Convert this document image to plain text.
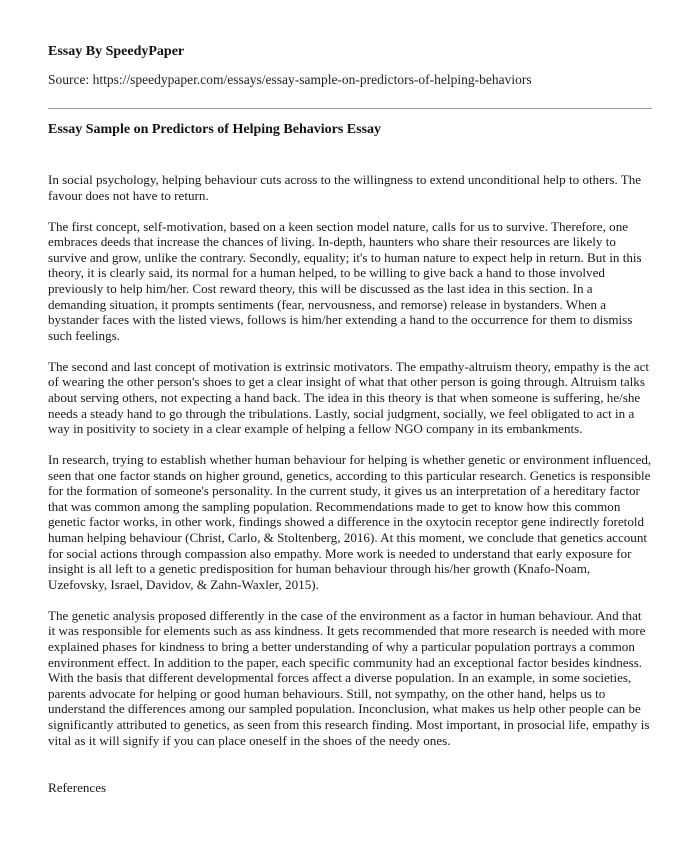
Essay By SpeedyPaper
Source: https://speedypaper.com/essays/essay-sample-on-predictors-of-helping-behaviors
Essay Sample on Predictors of Helping Behaviors Essay

In social psychology, helping behaviour cuts across to the willingness to extend unconditional help to others. The favour does not have to return.

The first concept, self-motivation, based on a keen section model nature, calls for us to survive. Therefore, one embraces deeds that increase the chances of living. In-depth, haunters who share their resources are likely to survive and grow, unlike the contrary. Secondly, equality; it's to human nature to expect help in return. But in this theory, it is clearly said, its normal for a human helped, to be willing to give back a hand to those involved previously to help him/her. Cost reward theory, this will be discussed as the last idea in this section. In a demanding situation, it prompts sentiments (fear, nervousness, and remorse) release in bystanders. When a bystander faces with the listed views, follows is him/her extending a hand to the occurrence for them to dismiss such feelings.

The second and last concept of motivation is extrinsic motivators. The empathy-altruism theory, empathy is the act of wearing the other person's shoes to get a clear insight of what that other person is going through. Altruism talks about serving others, not expecting a hand back. The idea in this theory is that when someone is suffering, he/she needs a steady hand to go through the tribulations. Lastly, social judgment, socially, we feel obligated to act in a way in positivity to society in a clear example of helping a fellow NGO company in its embankments.

In research, trying to establish whether human behaviour for helping is whether genetic or environment influenced, seen that one factor stands on higher ground, genetics, according to this particular research. Genetics is responsible for the formation of someone's personality. In the current study, it gives us an interpretation of a hereditary factor that was common among the sampling population. Recommendations made to get to know how this common genetic factor works, in other work, findings showed a difference in the oxytocin receptor gene indirectly foretold human helping behaviour (Christ, Carlo, & Stoltenberg, 2016). At this moment, we conclude that genetics account for social actions through compassion also empathy. More work is needed to understand that early exposure for insight is all left to a genetic predisposition for human behaviour through his/her growth (Knafo-Noam, Uzefovsky, Israel, Davidov, & Zahn-Waxler, 2015).

The genetic analysis proposed differently in the case of the environment as a factor in human behaviour. And that it was responsible for elements such as ass kindness. It gets recommended that more research is needed with more explained phases for kindness to bring a better understanding of why a particular population portrays a common environment effect. In addition to the paper, each specific community had an exceptional factor besides kindness. With the basis that different developmental forces affect a diverse population. In an example, in some societies, parents advocate for helping or good human behaviours. Still, not sympathy, on the other hand, helps us to understand the differences among our sampled population. Inconclusion, what makes us help other people can be significantly attributed to genetics, as seen from this research finding. Most important, in prosocial life, empathy is vital as it will signify if you can place oneself in the shoes of the needy ones.

References
